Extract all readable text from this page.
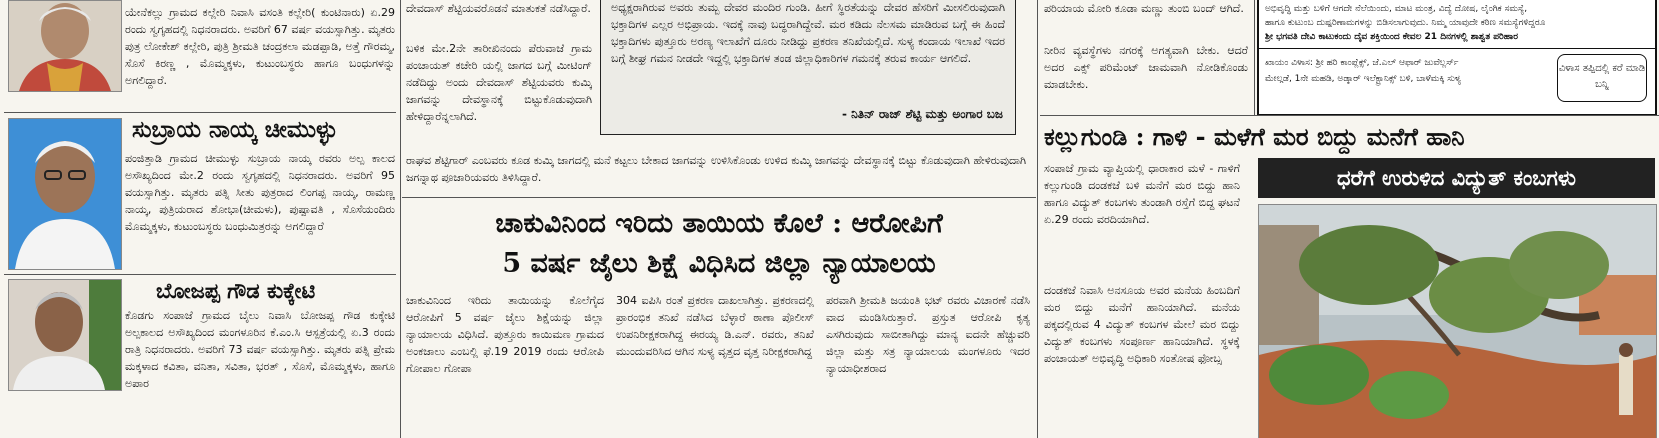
ಯೇನೆಕಲ್ಲು ಗ್ರಾಮದ ಕಲ್ಲೇರಿ ನಿವಾಸಿ ವಸಂತಿ ಕಲ್ಲೇರಿ( ಕುಂಟಿನಾರು) ಏ.29 ರಂದು ಸ್ವಗೃಹದಲ್ಲಿ ನಿಧನರಾದರು. ಅವರಿಗೆ 67 ವರ್ಷ ವಯಸ್ಸಾಗಿತ್ತು. ಮೃತರು ಪುತ್ರ ಲೋಕೇಶ್ ಕಲ್ಲೇರಿ, ಪುತ್ರಿ ಶ್ರೀಮತಿ ಚಂದ್ರಕಲಾ ಮಡಪ್ಪಾಡಿ, ಅತ್ತೆ ಗೌರಮ್ಮ, ಸೊಸೆ ಕಿರಣ್ಣ , ಮೊಮ್ಮಕ್ಕಳು, ಕುಟುಂಬಸ್ಥರು ಹಾಗೂ ಬಂಧುಗಳನ್ನು ಅಗಲಿದ್ದಾರೆ.
ಸುಬ್ರಾಯ ನಾಯ್ಕ ಚೀಮುಳ್ಳು
ಪಂಜಿತ್ತಾಡಿ ಗ್ರಾಮದ ಚೀಮುಳ್ಳು ಸುಬ್ರಾಯ ನಾಯ್ಕ ರವರು ಅಲ್ಪ ಕಾಲದ ಅಸೌಖ್ಯದಿಂದ ಮೇ.2 ರಂದು ಸ್ವಗೃಹದಲ್ಲಿ ನಿಧನರಾದರು. ಅವರಿಗೆ 95 ವಯಸ್ಸಾಗಿತ್ತು. ಮೃತರು ಪತ್ನಿ ಸೀತು ಪುತ್ರರಾದ ಲಿಂಗಪ್ಪ ನಾಯ್ಕ, ರಾಮಣ್ಣ ನಾಯ್ಕ, ಪುತ್ರಿಯರಾದ ಶೋಭಾ(ಚೀಮಳು), ಪುಷ್ಪಾವತಿ , ಸೊಸೆಯಂದಿರು ಮೊಮ್ಮಕ್ಕಳು, ಕುಟುಂಬಸ್ಥರು ಬಂಧುಮಿತ್ರರನ್ನು ಅಗಲಿದ್ದಾರೆ
ಬೋಜಪ್ಪ ಗೌಡ ಕುಕ್ಕೇಟಿ
ಕೊಡಗು ಸಂಪಾಜೆ ಗ್ರಾಮದ ಬೈಲು ನಿವಾಸಿ ಬೋಜಪ್ಪ ಗೌಡ ಕುಕ್ಕೇಟಿ ಅಲ್ಪಕಾಲದ ಅಸೌಖ್ಯದಿಂದ ಮಂಗಳೂರಿನ ಕೆ.ಎಂ.ಸಿ ಆಸ್ಪತ್ರೆಯಲ್ಲಿ ಏ.3 ರಂದು ರಾತ್ರಿ ನಿಧನರಾದರು. ಅವರಿಗೆ 73 ವರ್ಷ ವಯಸ್ಸಾಗಿತ್ತು. ಮೃತರು ಪತ್ನಿ ಪ್ರೇಮ ಮಕ್ಕಳಾದ ಕವಿತಾ, ವನಿತಾ, ಸವಿತಾ, ಭರತ್ , ಸೊಸೆ, ಮೊಮ್ಮಕ್ಕಳು, ಹಾಗೂ ಅಪಾರ
ದೇವದಾಸ್ ಶೆಟ್ಟಿಯವರೊಡನೆ ಮಾತುಕತೆ ನಡೆಸಿದ್ದಾರೆ.
ಬಳಿಕ ಮೇ.2ನೇ ತಾರೀಖಿನಂದು ಪೆರುವಾಜೆ ಗ್ರಾಮ ಪಂಚಾಯತ್ ಕಚೇರಿ ಯಲ್ಲಿ ಜಾಗದ ಬಗ್ಗೆ ಮೀಟಿಂಗ್ ನಡೆದಿದ್ದು ಅಂದು ದೇವದಾಸ್ ಶೆಟ್ಟಿಯವರು ಕುಮ್ಕಿ ಜಾಗವನ್ನು ದೇವಸ್ಥಾನಕ್ಕೆ ಬಿಟ್ಟುಕೊಡುವುದಾಗಿ ಹೇಳಿದ್ದಾರೆನ್ನಲಾಗಿದೆ.
ಅಧ್ಯಕ್ಷರಾಗಿರುವ ಅವರು ತುಮ್ಬ ದೇವರ ಮಂದಿರ ಗುಂಡಿ. ಹೀಗೆ ಸ್ಥಿರತೆಯನ್ನು ದೇವರ ಹೆಸರಿಗೆ ಮೀಸಲಿರುವುದಾಗಿ ಭಕ್ತಾದಿಗಳ ಎಲ್ಲರ ಅಭಿಪ್ರಾಯ. ಇದಕ್ಕೆ ನಾವು ಬದ್ಧರಾಗಿದ್ದೇವೆ. ಮರ ಕಡಿದು ನೆಲಸಮ ಮಾಡಿರುವ ಬಗ್ಗೆ ಈ ಹಿಂದೆ ಭಕ್ತಾದಿಗಳು ಪುತ್ತೂರು ಅರಣ್ಯ ಇಲಾಖೆಗೆ ದೂರು ನೀಡಿದ್ದು ಪ್ರಕರಣ ತನಿಖೆಯಲ್ಲಿದೆ. ಸುಳ್ಯ ಕಂದಾಯ ಇಲಾಖೆ ಇದರ ಬಗ್ಗೆ ಶೀಘ್ರ ಗಮನ ನೀಡದೇ ಇದ್ದಲ್ಲಿ ಭಕ್ತಾದಿಗಳ ತಂಡ ಜಿಲ್ಲಾಧಿಕಾರಿಗಳ ಗಮನಕ್ಕೆ ತರುವ ಕಾರ್ಯ ಆಗಲಿದೆ.
- ನಿತಿನ್ ರಾಜ್ ಶೆಟ್ಟಿ ಮತ್ತು ಅಂಗಾರ ಬಜ
ರಾಘವ ಶೆಟ್ಟಿಗಾರ್ ಎಂಬವರು ಕೂಡ ಕುಮ್ಕಿ ಜಾಗದಲ್ಲಿ ಮನೆ ಕಟ್ಟಲು ಬೇಕಾದ ಜಾಗವನ್ನು ಉಳಿಸಿಕೊಂಡು ಉಳಿದ ಕುಮ್ಕಿ ಜಾಗವನ್ನು ದೇವಸ್ಥಾನಕ್ಕೆ ಬಿಟ್ಟು ಕೊಡುವುದಾಗಿ ಹೇಳಿರುವುದಾಗಿ ಜಗನ್ನಾಥ ಪೂಜಾರಿಯವರು ತಿಳಿಸಿದ್ದಾರೆ.
ಚಾಕುವಿನಿಂದ ಇರಿದು ತಾಯಿಯ ಕೊಲೆ : ಆರೋಪಿಗೆ
5 ವರ್ಷ ಜೈಲು ಶಿಕ್ಷೆ ವಿಧಿಸಿದ ಜಿಲ್ಲಾ ನ್ಯಾಯಾಲಯ
ಚಾಕುವಿನಿಂದ ಇರಿದು ತಾಯಿಯನ್ನು ಕೊಲೆಗೈದ ಆರೋಪಿಗೆ 5 ವರ್ಷ ಜೈಲು ಶಿಕ್ಷೆಯನ್ನು ಜಿಲ್ಲಾ ನ್ಯಾಯಾಲಯ ವಿಧಿಸಿದೆ. ಪುತ್ತೂರು ಕಾಯಿಮಣ ಗ್ರಾಮದ ಅಂಕಜಾಲು ಎಂಬಲ್ಲಿ ಫೆ.19 2019 ರಂದು ಆರೋಪಿ ಗೋಪಾಲ ಗೋಪಾ
304 ಐಪಿಸಿ ರಂತೆ ಪ್ರಕರಣ ದಾಖಲಾಗಿತ್ತು. ಪ್ರಕರಣದಲ್ಲಿ ಪ್ರಾರಂಭಿಕ ತನಿಖೆ ನಡೆಸಿದ ಬೆಳ್ಳಾರೆ ಠಾಣಾ ಪೊಲೀಸ್ ಉಪನಿರೀಕ್ಷಕರಾಗಿದ್ದ ಈರಯ್ಯ ಡಿ.ಎನ್. ರವರು, ತನಿಖೆ ಮುಂದುವರಿಸಿದ ಆಗಿನ ಸುಳ್ಯ ವೃತ್ತದ ವೃತ್ತ ನಿರೀಕ್ಷಕರಾಗಿದ್ದ
ಪರವಾಗಿ ಶ್ರೀಮತಿ ಜಯಂತಿ ಭಟ್ ರವರು ವಿಚಾರಣೆ ನಡೆಸಿ ವಾದ ಮಂಡಿಸಿರುತ್ತಾರೆ. ಪ್ರಸ್ತುತ ಆರೋಪಿ ಕೃತ್ಯ ಎಸಗಿರುವುದು ಸಾಬೀತಾಗಿದ್ದು ಮಾನ್ಯ ಐದನೇ ಹೆಚ್ಚುವರಿ ಜಿಲ್ಲಾ ಮತ್ತು ಸತ್ರ ನ್ಯಾಯಾಲಯ ಮಂಗಳೂರು ಇದರ ನ್ಯಾಯಾಧೀಶರಾದ
ಪರಿಯಾಯ ಮೋರಿ ಕೂಡಾ ಮಣ್ಣು ತುಂಬಿ ಬಂದ್ ಆಗಿದೆ.
ನೀರಿನ ವ್ಯವಸ್ಥೆಗಳು ನಗರಕ್ಕೆ ಅಗತ್ಯವಾಗಿ ಬೇಕು. ಆದರೆ ಅದರ ಎಕ್ಸ್ ಪರಿಮೆಂಟ್ ಜಾಮವಾಗಿ ನೋಡಿಕೊಂಡು ಮಾಡಬೇಕು.
ಅಭಿವೃದ್ಧಿ ಮತ್ತು ಬಳಿಗೆ ಆಗದೇ ನೆಲೆಯಿಂದು, ಮಾಟ ಮಂತ್ರ, ವಿದ್ಯೆ ದೋಷ, ಲೈಂಗಿಕ ಸಮಸ್ಯೆ,
ಹಾಗೂ ಕುಟುಂಬ ದುಷ್ಪರಿಣಾಮಗಳನ್ನು ಬಿಡಿಸಲಾಗುವುದು. ನಿಮ್ಮ ಯಾವುದೇ ಕಠಿಣ ಸಮಸ್ಯೆಗಳಿದ್ದರೂ
ಶ್ರೀ ಭಗವತಿ ದೇವಿ ಕಾಟುಕಂದು ದೈವ ಶಕ್ತಿಯಿಂದ ಕೇವಲ 21 ದಿನಗಳಲ್ಲಿ ಶಾಶ್ವತ ಪರಿಹಾರ
ಖಾಯಂ ವಿಳಾಸ: ಶ್ರೀ ಹರಿ ಕಾಂಪ್ಲೆಕ್ಸ್, ಜೆ.ಎಲ್ ಆಫಾರ್ ಜುವೆಲ್ಲರ್ಸ್
ಮೇಲ್ಗಡೆ, 1ನೇ ಮಹಡಿ, ಅಡ್ಕಾರ್ ಇಲೆಕ್ಟ್ರಾನಿಕ್ಸ್ ಬಳಿ, ಬಾಳೆಮಕ್ಕಿ ಸುಳ್ಯ
ವಿಳಾಸ ತಪ್ಪಿದಲ್ಲಿ ಕರೆ ಮಾಡಿ ಬನ್ನಿ
ಕಲ್ಲುಗುಂಡಿ : ಗಾಳಿ - ಮಳೆಗೆ ಮರ ಬಿದ್ದು ಮನೆಗೆ ಹಾನಿ
ಸಂಪಾಜೆ ಗ್ರಾಮ ವ್ಯಾಪ್ತಿಯಲ್ಲಿ ಧಾರಾಕಾರ ಮಳೆ - ಗಾಳಿಗೆ ಕಲ್ಲುಗುಂಡಿ ದಂಡಕಜೆ ಬಳಿ ಮನೆಗೆ ಮರ ಬಿದ್ದು ಹಾನಿ ಹಾಗೂ ವಿದ್ಯುತ್ ಕಂಬಗಳು ತುಂಡಾಗಿ ರಸ್ತೆಗೆ ಬಿದ್ದ ಘಟನೆ ಏ.29 ರಂದು ವರದಿಯಾಗಿದೆ.
ದಂಡಕಜೆ ನಿವಾಸಿ ಅನಸೂಯ ಅವರ ಮನೆಯ ಹಿಂಬದಿಗೆ ಮರ ಬಿದ್ದು ಮನೆಗೆ ಹಾನಿಯಾಗಿದೆ. ಮನೆಯ ಪಕ್ಕದಲ್ಲಿರುವ 4 ವಿದ್ಯುತ್ ಕಂಬಗಳ ಮೇಲೆ ಮರ ಬಿದ್ದು ವಿದ್ಯುತ್ ಕಂಬಗಳು ಸಂಪೂರ್ಣ ಹಾನಿಯಾಗಿದೆ. ಸ್ಥಳಕ್ಕೆ ಪಂಚಾಯತ್ ಅಭಿವೃದ್ಧಿ ಅಧಿಕಾರಿ ಸಂತೋಷ ಫೋಬ್ಸ
ಧರೆಗೆ ಉರುಳಿದ ವಿದ್ಯುತ್ ಕಂಬಗಳು
